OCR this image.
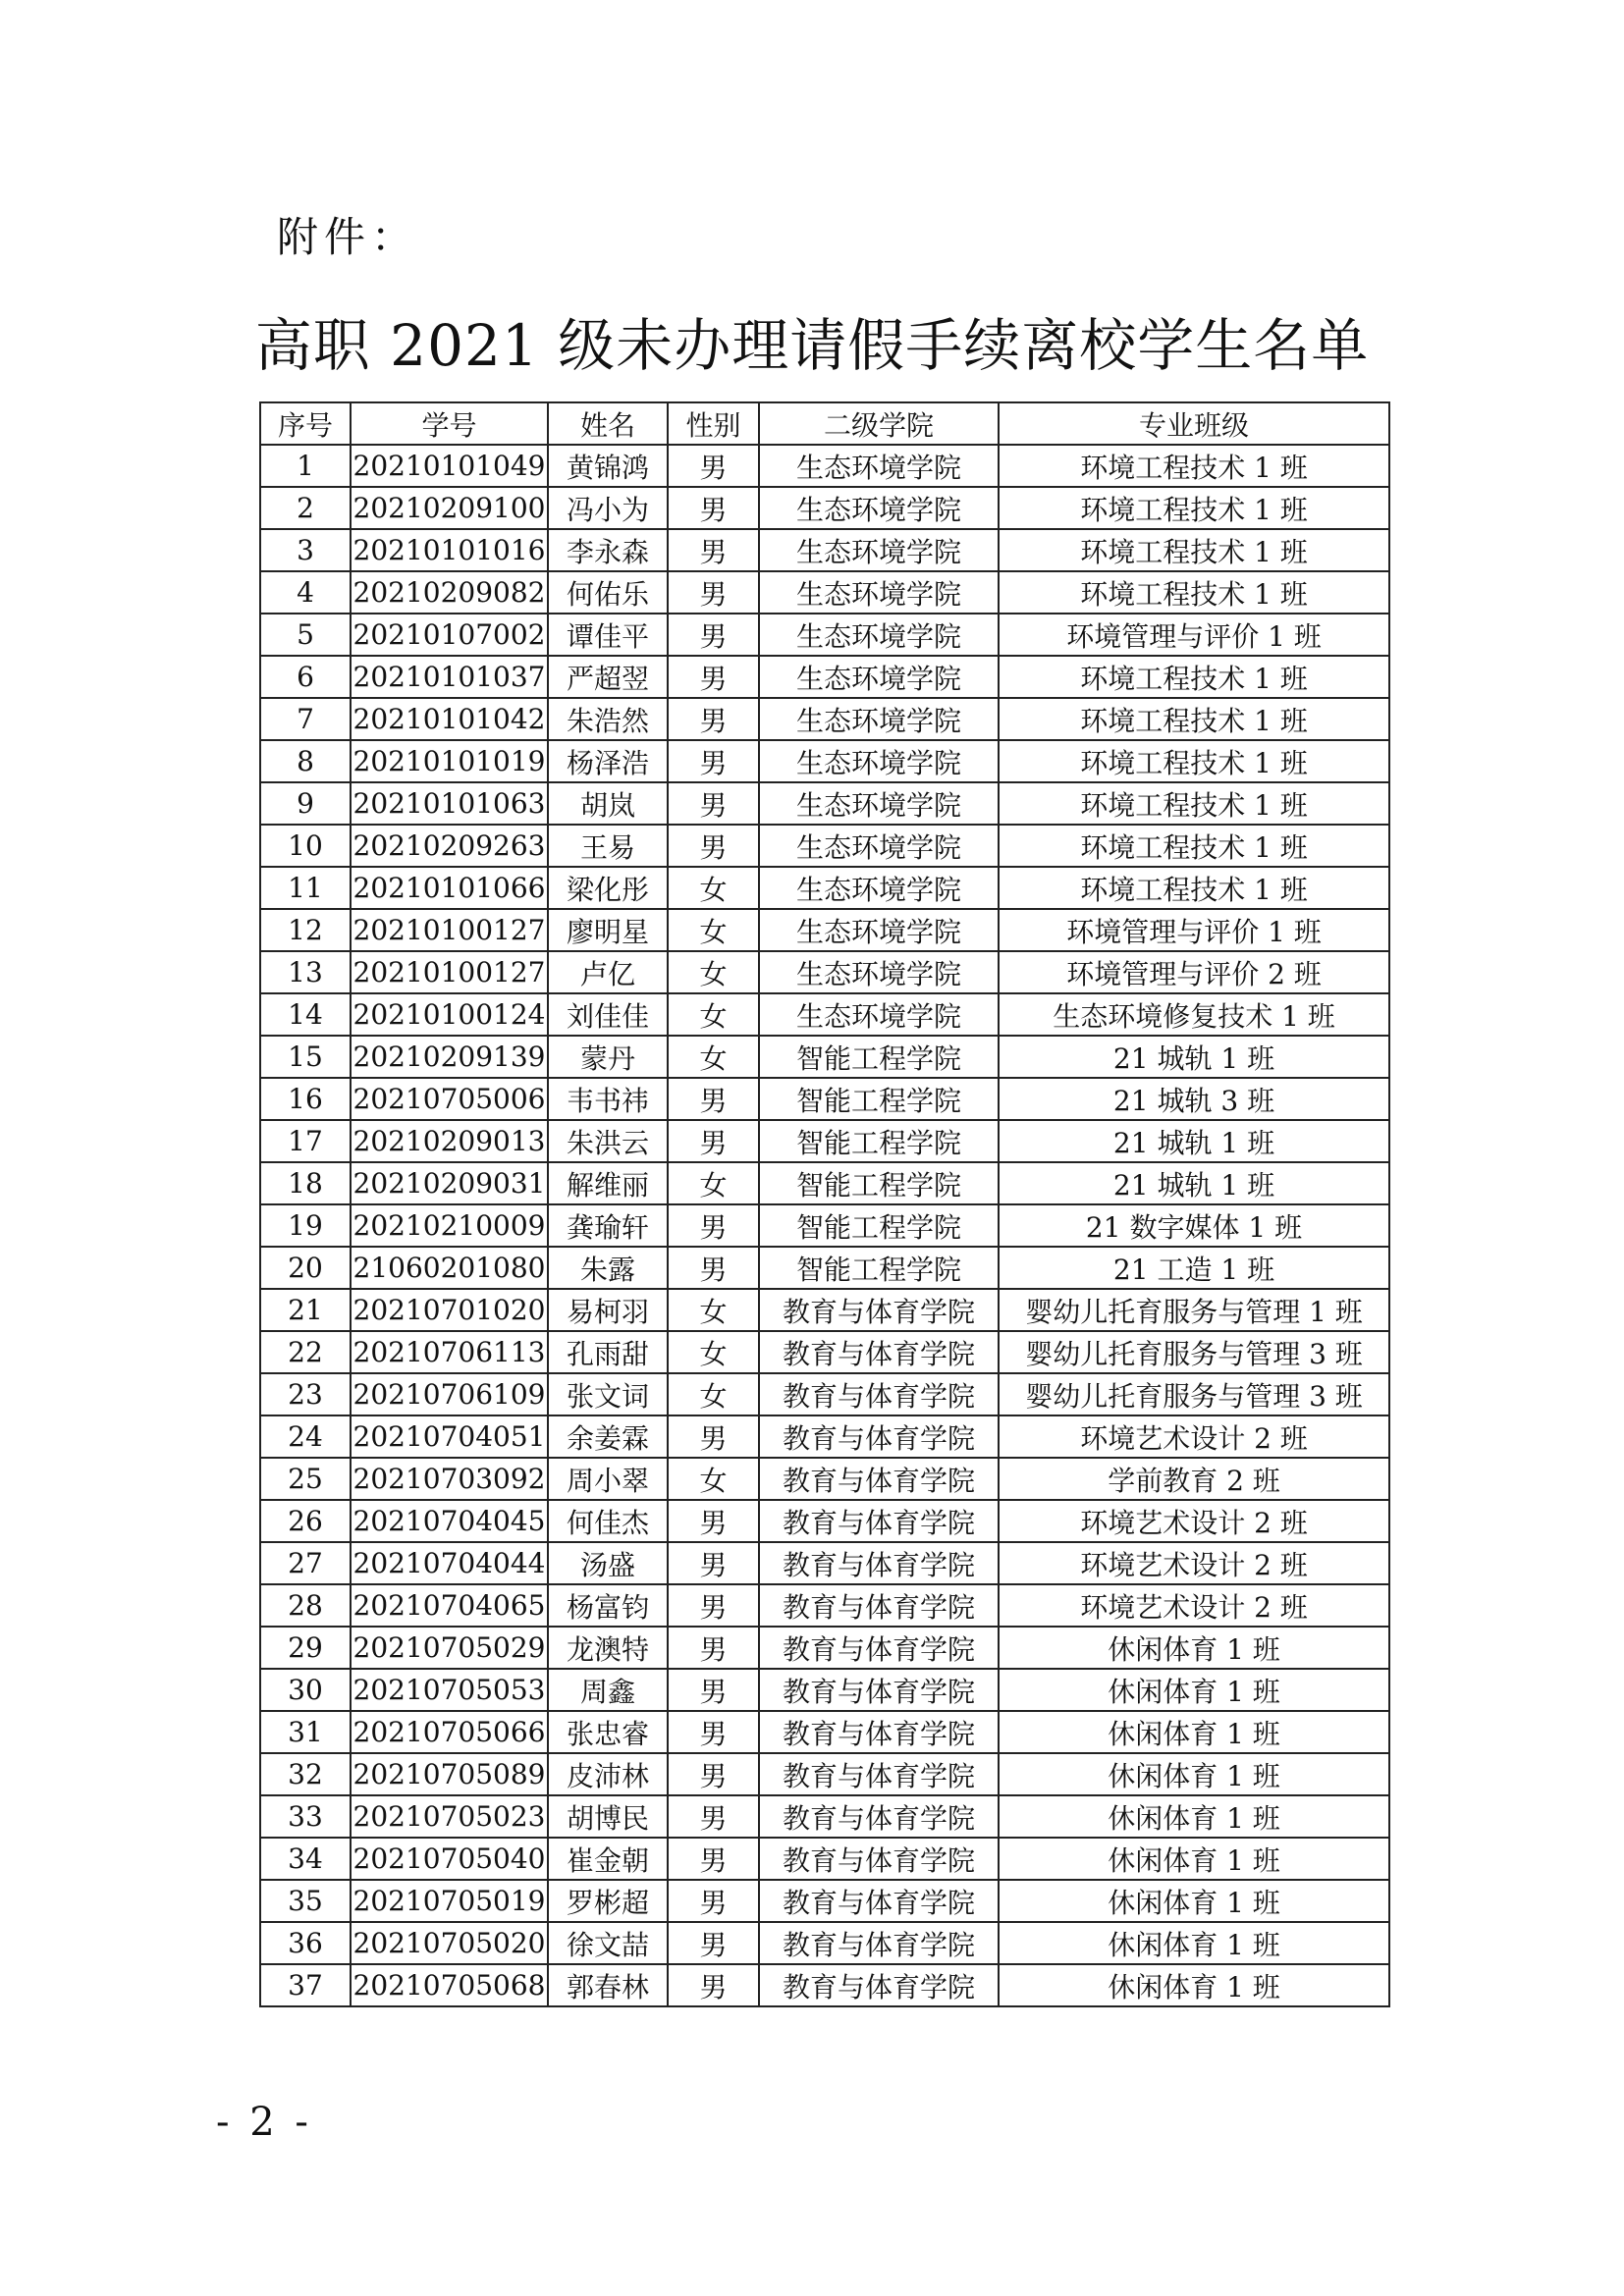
附件：
高职 2021 级未办理请假手续离校学生名单
序号	学号	姓名	性别	二级学院	专业班级
1	20210101049	黄锦鸿	男	生态环境学院	环境工程技术 1 班
2	20210209100	冯小为	男	生态环境学院	环境工程技术 1 班
3	20210101016	李永森	男	生态环境学院	环境工程技术 1 班
4	20210209082	何佑乐	男	生态环境学院	环境工程技术 1 班
5	20210107002	谭佳平	男	生态环境学院	环境管理与评价 1 班
6	20210101037	严超翌	男	生态环境学院	环境工程技术 1 班
7	20210101042	朱浩然	男	生态环境学院	环境工程技术 1 班
8	20210101019	杨泽浩	男	生态环境学院	环境工程技术 1 班
9	20210101063	胡岚	男	生态环境学院	环境工程技术 1 班
10	20210209263	王易	男	生态环境学院	环境工程技术 1 班
11	20210101066	梁化彤	女	生态环境学院	环境工程技术 1 班
12	20210100127	廖明星	女	生态环境学院	环境管理与评价 1 班
13	20210100127	卢亿	女	生态环境学院	环境管理与评价 2 班
14	20210100124	刘佳佳	女	生态环境学院	生态环境修复技术 1 班
15	20210209139	蒙丹	女	智能工程学院	21 城轨 1 班
16	20210705006	韦书祎	男	智能工程学院	21 城轨 3 班
17	20210209013	朱洪云	男	智能工程学院	21 城轨 1 班
18	20210209031	解维丽	女	智能工程学院	21 城轨 1 班
19	20210210009	龚瑜轩	男	智能工程学院	21 数字媒体 1 班
20	21060201080	朱露	男	智能工程学院	21 工造 1 班
21	20210701020	易柯羽	女	教育与体育学院	婴幼儿托育服务与管理 1 班
22	20210706113	孔雨甜	女	教育与体育学院	婴幼儿托育服务与管理 3 班
23	20210706109	张文词	女	教育与体育学院	婴幼儿托育服务与管理 3 班
24	20210704051	余姜霖	男	教育与体育学院	环境艺术设计 2 班
25	20210703092	周小翠	女	教育与体育学院	学前教育 2 班
26	20210704045	何佳杰	男	教育与体育学院	环境艺术设计 2 班
27	20210704044	汤盛	男	教育与体育学院	环境艺术设计 2 班
28	20210704065	杨富钧	男	教育与体育学院	环境艺术设计 2 班
29	20210705029	龙澳特	男	教育与体育学院	休闲体育 1 班
30	20210705053	周鑫	男	教育与体育学院	休闲体育 1 班
31	20210705066	张忠睿	男	教育与体育学院	休闲体育 1 班
32	20210705089	皮沛林	男	教育与体育学院	休闲体育 1 班
33	20210705023	胡博民	男	教育与体育学院	休闲体育 1 班
34	20210705040	崔金朝	男	教育与体育学院	休闲体育 1 班
35	20210705019	罗彬超	男	教育与体育学院	休闲体育 1 班
36	20210705020	徐文喆	男	教育与体育学院	休闲体育 1 班
37	20210705068	郭春林	男	教育与体育学院	休闲体育 1 班
- 2 -
